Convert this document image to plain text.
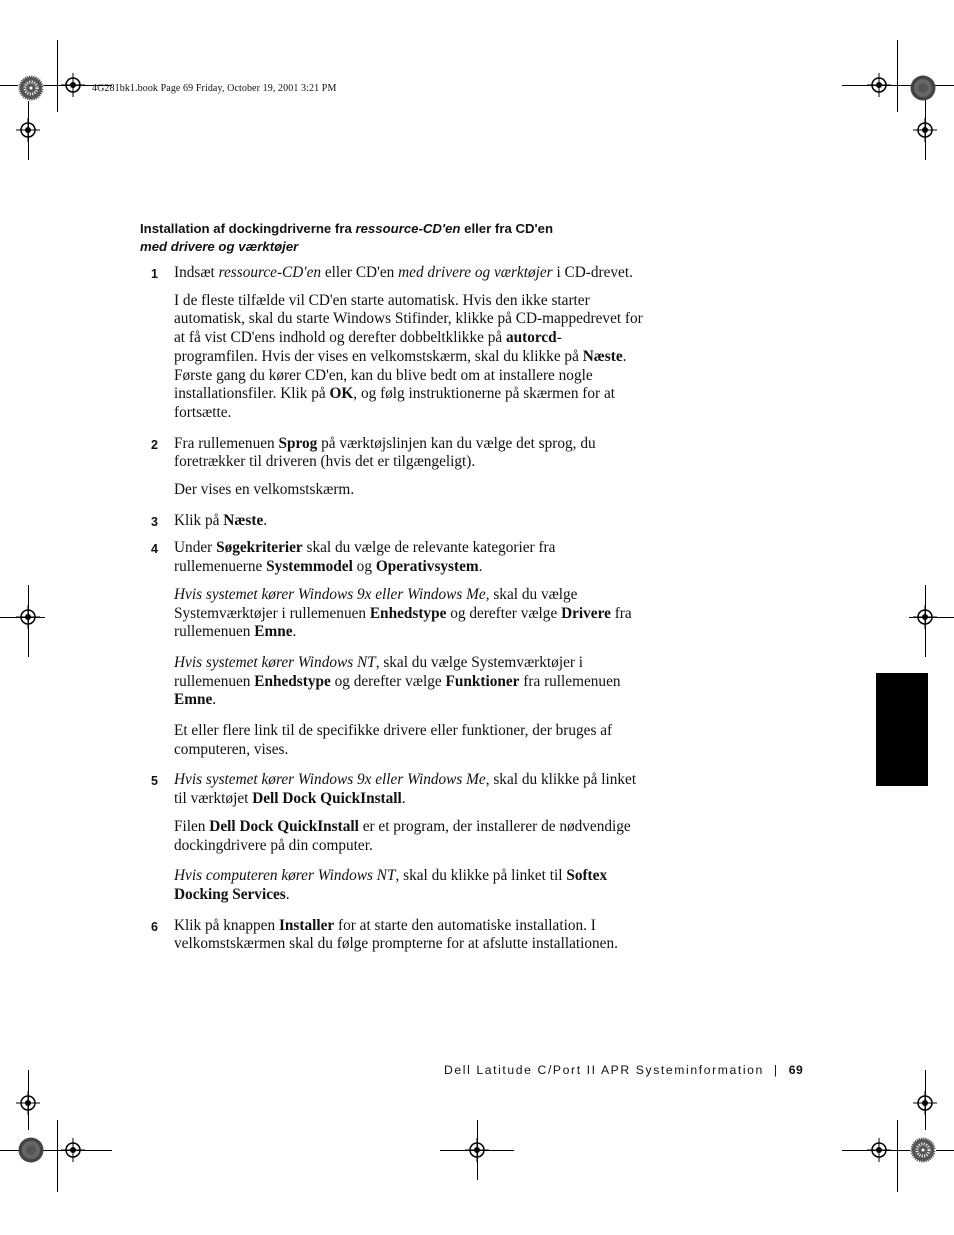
4G281bk1.book Page 69 Friday, October 19, 2001 3:21 PM
Installation af dockingdriverne fra ressource-CD'en eller fra CD'en
med drivere og værktøjer
1 Indsæt ressource-CD'en eller CD'en med drivere og værktøjer i CD-drevet.

I de fleste tilfælde vil CD'en starte automatisk. Hvis den ikke starter automatisk, skal du starte Windows Stifinder, klikke på CD-mappedrevet for at få vist CD'ens indhold og derefter dobbeltklikke på autorcd-programfilen. Hvis der vises en velkomstskærm, skal du klikke på Næste. Første gang du kører CD'en, kan du blive bedt om at installere nogle installationsfiler. Klik på OK, og følg instruktionerne på skærmen for at fortsætte.

2 Fra rullemenuen Sprog på værktøjslinjen kan du vælge det sprog, du foretrækker til driveren (hvis det er tilgængeligt).

Der vises en velkomstskærm.

3 Klik på Næste.

4 Under Søgekriterier skal du vælge de relevante kategorier fra rullemenuerne Systemmodel og Operativsystem.

Hvis systemet kører Windows 9x eller Windows Me, skal du vælge Systemværktøjer i rullemenuen Enhedstype og derefter vælge Drivere fra rullemenuen Emne.

Hvis systemet kører Windows NT, skal du vælge Systemværktøjer i rullemenuen Enhedstype og derefter vælge Funktioner fra rullemenuen Emne.

Et eller flere link til de specifikke drivere eller funktioner, der bruges af computeren, vises.

5 Hvis systemet kører Windows 9x eller Windows Me, skal du klikke på linket til værktøjet Dell Dock QuickInstall.

Filen Dell Dock QuickInstall er et program, der installerer de nødvendige dockingdrivere på din computer.

Hvis computeren kører Windows NT, skal du klikke på linket til Softex Docking Services.

6 Klik på knappen Installer for at starte den automatiske installation. I velkomstskærmen skal du følge prompterne for at afslutte installationen.

Dell Latitude C/Port II APR Systeminformation | 69
